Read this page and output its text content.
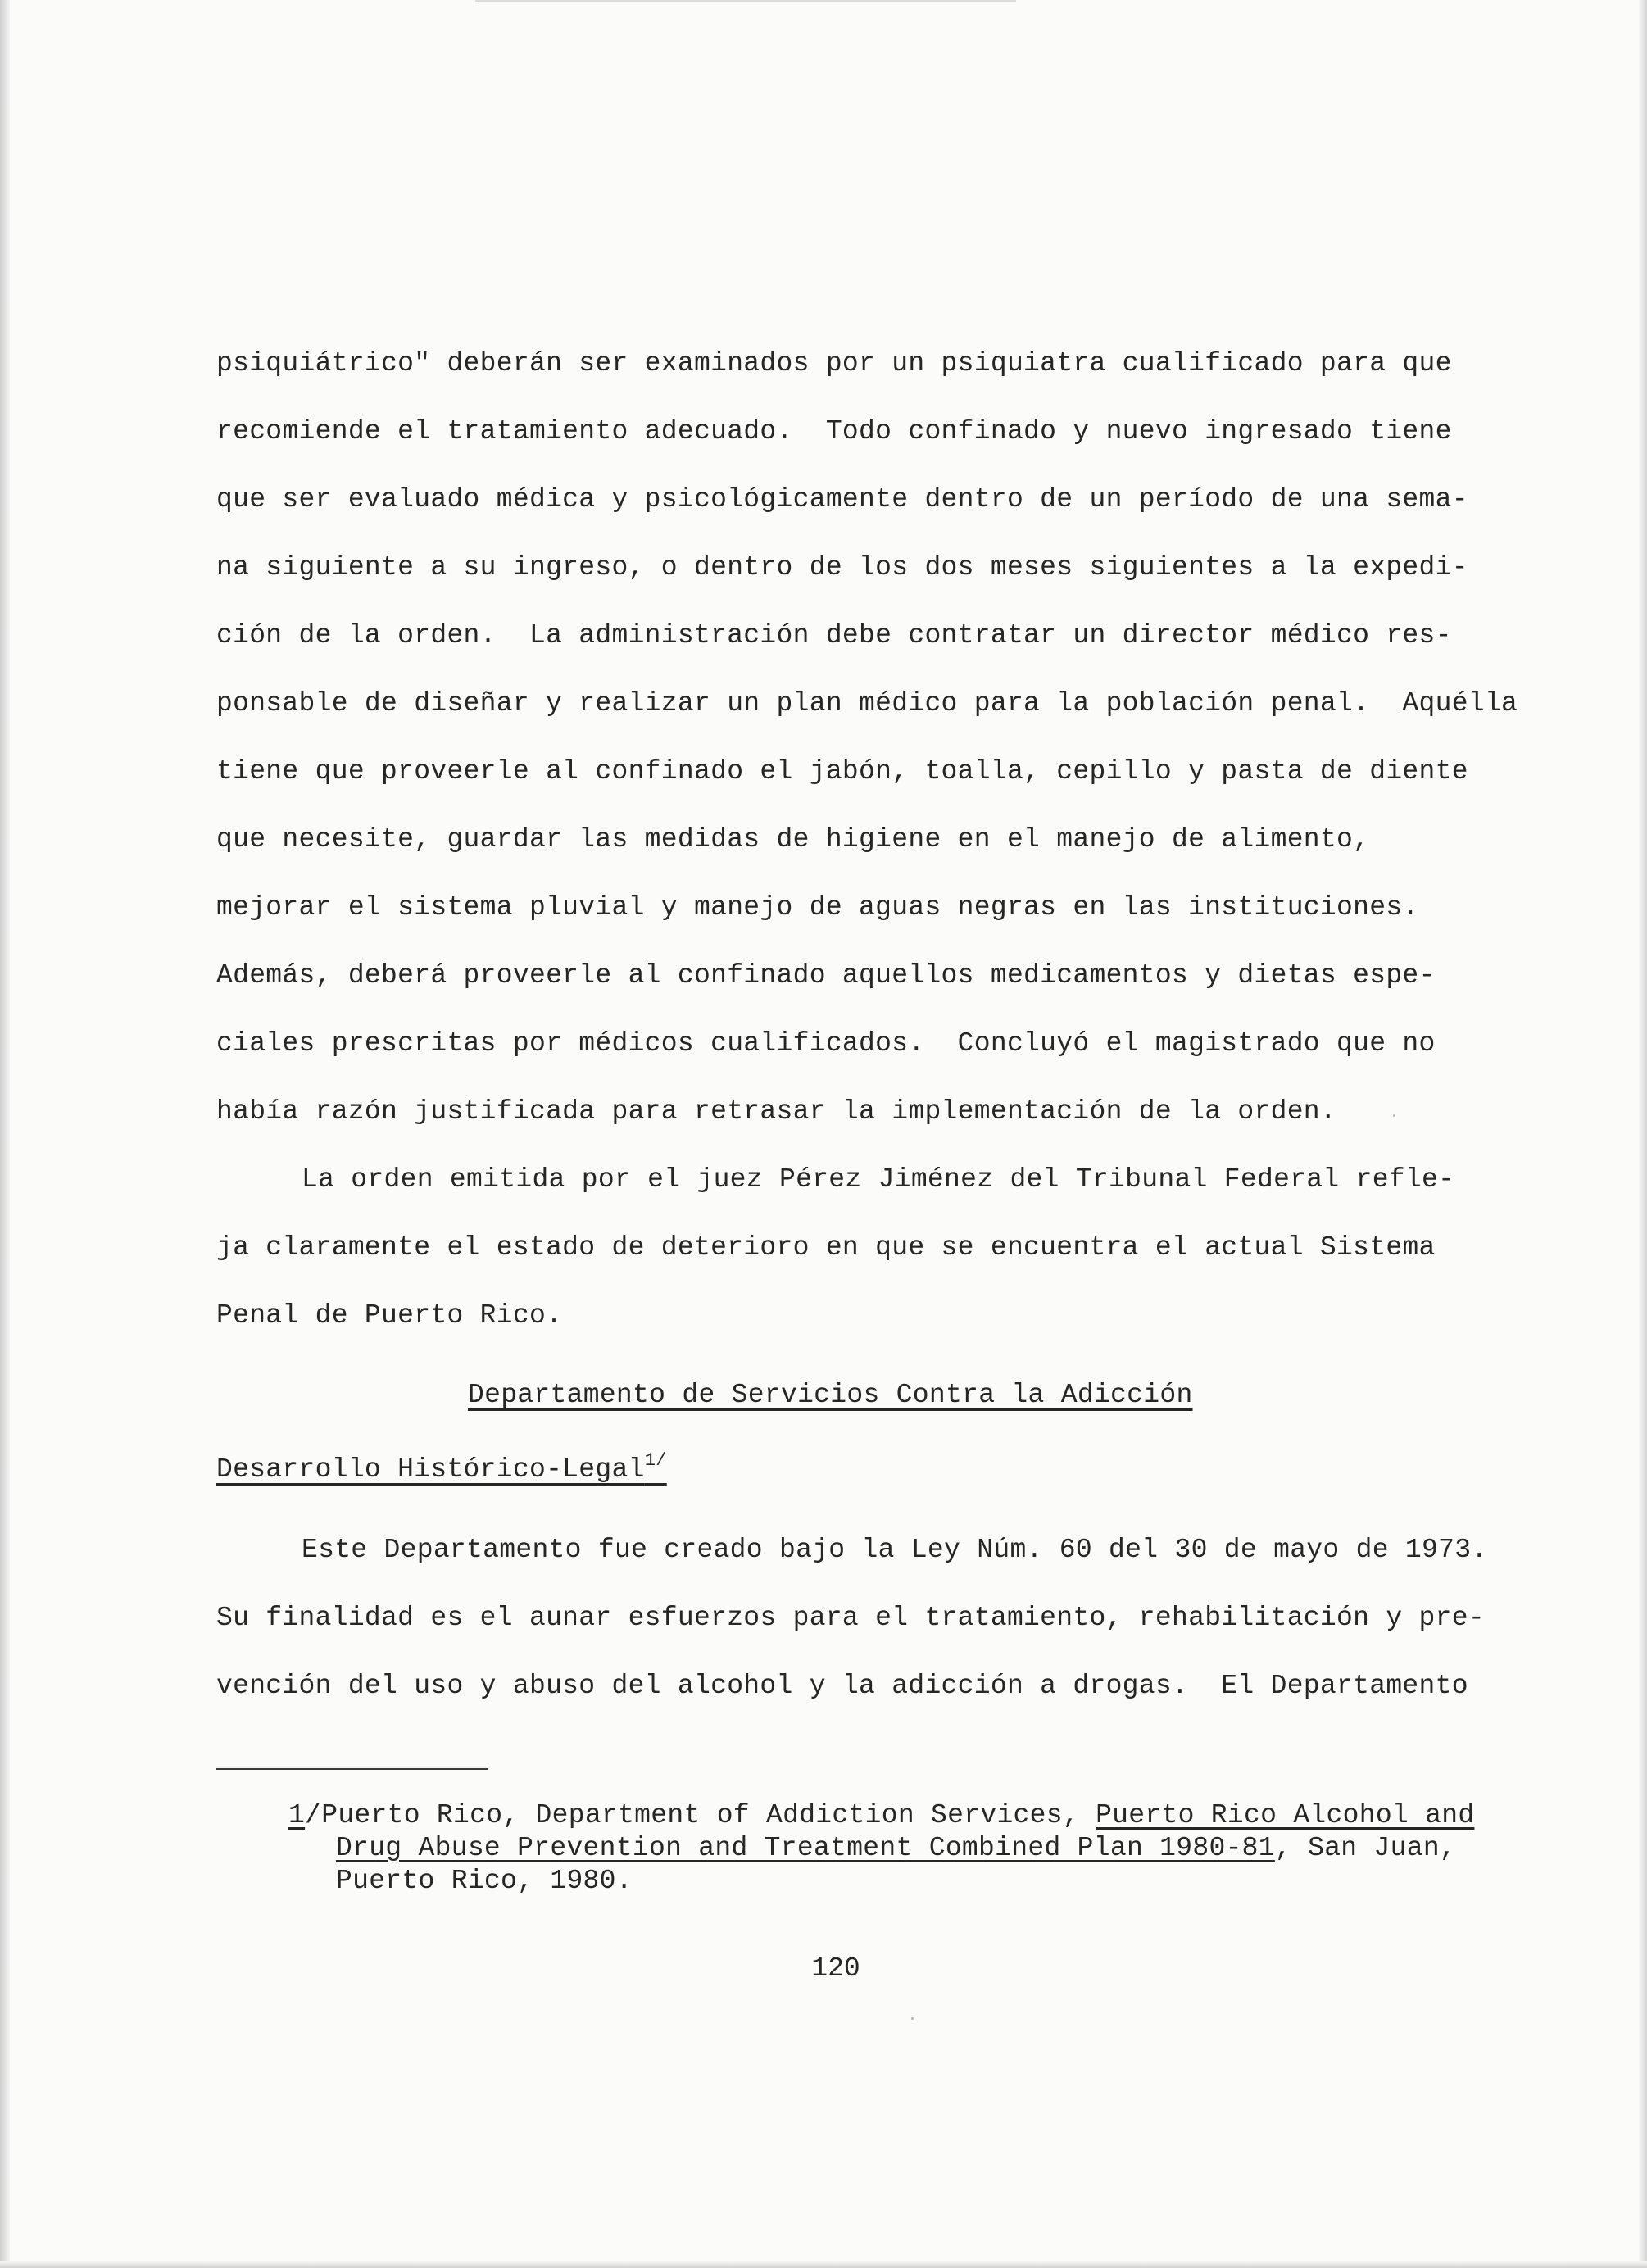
psiquiátrico" deberán ser examinados por un psiquiatra cualificado para que
recomiende el tratamiento adecuado.  Todo confinado y nuevo ingresado tiene
que ser evaluado médica y psicológicamente dentro de un período de una sema-
na siguiente a su ingreso, o dentro de los dos meses siguientes a la expedi-
ción de la orden.  La administración debe contratar un director médico res-
ponsable de diseñar y realizar un plan médico para la población penal.  Aquélla
tiene que proveerle al confinado el jabón, toalla, cepillo y pasta de diente
que necesite, guardar las medidas de higiene en el manejo de alimento,
mejorar el sistema pluvial y manejo de aguas negras en las instituciones.
Además, deberá proveerle al confinado aquellos medicamentos y dietas espe-
ciales prescritas por médicos cualificados.  Concluyó el magistrado que no
había razón justificada para retrasar la implementación de la orden.
La orden emitida por el juez Pérez Jiménez del Tribunal Federal refle-
ja claramente el estado de deterioro en que se encuentra el actual Sistema
Penal de Puerto Rico.
Departamento de Servicios Contra la Adicción
Desarrollo Histórico-Legal$^{1/}$
Este Departamento fue creado bajo la Ley Núm. 60 del 30 de mayo de 1973.
Su finalidad es el aunar esfuerzos para el tratamiento, rehabilitación y pre-
vención del uso y abuso del alcohol y la adicción a drogas.  El Departamento
1/Puerto Rico, Department of Addiction Services, Puerto Rico Alcohol and
Drug Abuse Prevention and Treatment Combined Plan 1980-81, San Juan,
Puerto Rico, 1980.
120
